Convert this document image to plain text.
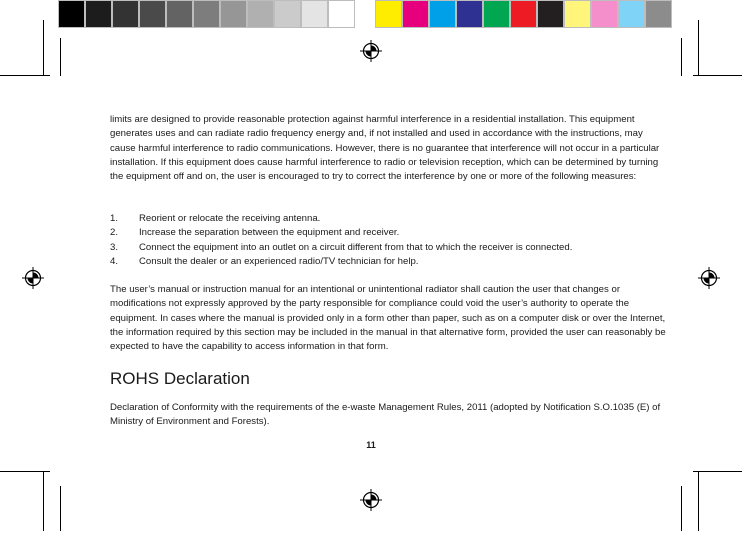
limits are designed to provide reasonable protection against harmful interference in a residential installation. This equipment generates uses and can radiate radio frequency energy and, if not installed and used in accordance with the instructions, may cause harmful interference to radio communications. However, there is no guarantee that interference will not occur in a particular installation. If this equipment does cause harmful interference to radio or television reception, which can be determined by turning the equipment off and on, the user is encouraged to try to correct the interference by one or more of the following measures:

1.	Reorient or relocate the receiving antenna.
2.	Increase the separation between the equipment and receiver.
3.	Connect the equipment into an outlet on a circuit different from that to which the receiver is connected.
4.	Consult the dealer or an experienced radio/TV technician for help.

The user’s manual or instruction manual for an intentional or unintentional radiator shall caution the user that changes or modifications not expressly approved by the party responsible for compliance could void the user’s authority to operate the equipment. In cases where the manual is provided only in a form other than paper, such as on a computer disk or over the Internet, the information required by this section may be included in the manual in that alternative form, provided the user can reasonably be expected to have the capability to access information in that form.

ROHS Declaration

Declaration of Conformity with the requirements of the e-waste Management Rules, 2011 (adopted by Notification S.O.1035 (E) of Ministry of Environment and Forests).

11
